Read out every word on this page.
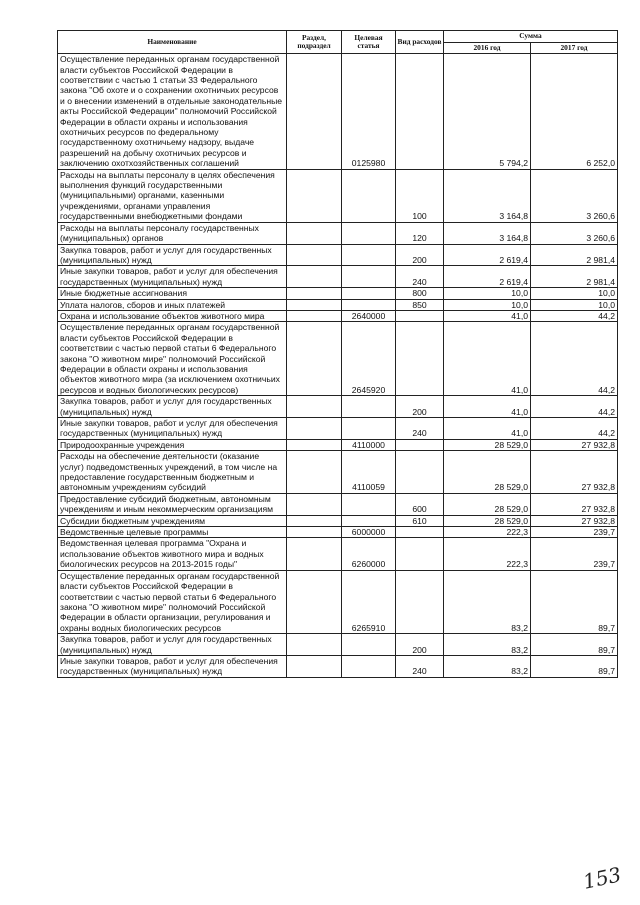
Наименование	Раздел, подраздел	Целевая статья	Вид расходов	Сумма	
				2016 год	2017 год
Осуществление переданных органам государственной власти субъектов Российской Федерации в соответствии с частью 1 статьи 33 Федерального закона "Об охоте и о сохранении охотничьих ресурсов и о внесении изменений в отдельные законодательные акты Российской Федерации" полномочий Российской Федерации в области охраны и использования охотничьих ресурсов по федеральному государственному охотничьему надзору, выдаче разрешений на добычу охотничьих ресурсов и заключению охотхозяйственных соглашений		0125980		5 794,2	6 252,0
Расходы на выплаты персоналу в целях обеспечения выполнения функций государственными (муниципальными) органами, казенными учреждениями, органами управления государственными внебюджетными фондами			100	3 164,8	3 260,6
Расходы на выплаты персоналу государственных (муниципальных) органов			120	3 164,8	3 260,6
Закупка товаров, работ и услуг для государственных (муниципальных) нужд			200	2 619,4	2 981,4
Иные закупки товаров, работ и услуг для обеспечения государственных (муниципальных) нужд			240	2 619,4	2 981,4
Иные бюджетные ассигнования			800	10,0	10,0
Уплата налогов, сборов и иных платежей			850	10,0	10,0
Охрана и использование объектов животного мира		2640000		41,0	44,2
Осуществление переданных органам государственной власти субъектов Российской Федерации в соответствии с частью первой статьи 6 Федерального закона "О животном мире" полномочий Российской Федерации в области охраны и использования объектов животного мира (за исключением охотничьих ресурсов и водных биологических ресурсов)		2645920		41,0	44,2
Закупка товаров, работ и услуг для государственных (муниципальных) нужд			200	41,0	44,2
Иные закупки товаров, работ и услуг для обеспечения государственных (муниципальных) нужд			240	41,0	44,2
Природоохранные учреждения		4110000		28 529,0	27 932,8
Расходы на обеспечение деятельности (оказание услуг) подведомственных учреждений, в том числе на предоставление государственным бюджетным и автономным учреждениям субсидий		4110059		28 529,0	27 932,8
Предоставление субсидий бюджетным, автономным учреждениям и иным некоммерческим организациям			600	28 529,0	27 932,8
Субсидии бюджетным учреждениям			610	28 529,0	27 932,8
Ведомственные целевые программы		6000000		222,3	239,7
Ведомственная целевая программа "Охрана и использование объектов животного мира и водных биологических ресурсов на 2013-2015 годы"		6260000		222,3	239,7
Осуществление переданных органам государственной власти субъектов Российской Федерации в соответствии с частью первой статьи 6 Федерального закона "О животном мире" полномочий Российской Федерации в области организации, регулирования и охраны водных биологических ресурсов		6265910		83,2	89,7
Закупка товаров, работ и услуг для государственных (муниципальных) нужд			200	83,2	89,7
Иные закупки товаров, работ и услуг для обеспечения государственных (муниципальных) нужд			240	83,2	89,7
153
